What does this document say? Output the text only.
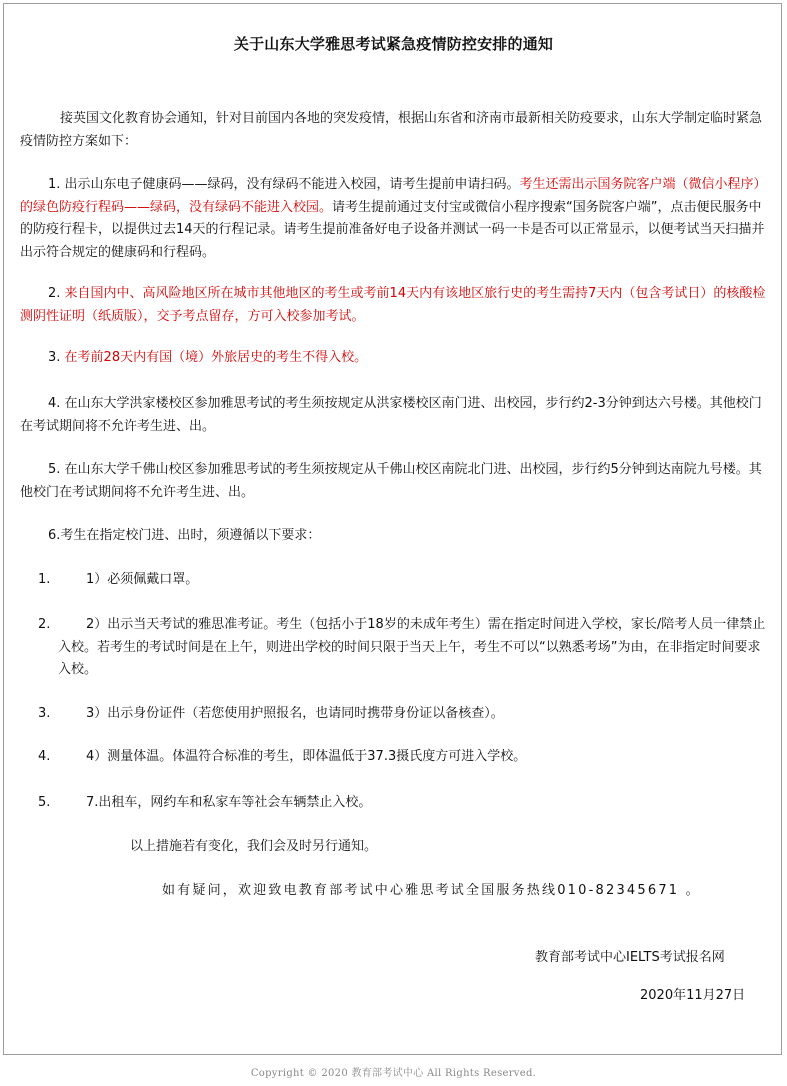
关于山东大学雅思考试紧急疫情防控安排的通知

接英国文化教育协会通知，针对目前国内各地的突发疫情，根据山东省和济南市最新相关防疫要求，山东大学制定临时紧急疫情防控方案如下：

1. 出示山东电子健康码——绿码，没有绿码不能进入校园，请考生提前申请扫码。考生还需出示国务院客户端（微信小程序）的绿色防疫行程码——绿码，没有绿码不能进入校园。请考生提前通过支付宝或微信小程序搜索“国务院客户端”，点击便民服务中的防疫行程卡，以提供过去14天的行程记录。请考生提前准备好电子设备并测试一码一卡是否可以正常显示，以便考试当天扫描并出示符合规定的健康码和行程码。

2. 来自国内中、高风险地区所在城市其他地区的考生或考前14天内有该地区旅行史的考生需持7天内（包含考试日）的核酸检测阴性证明（纸质版），交予考点留存，方可入校参加考试。

3. 在考前28天内有国（境）外旅居史的考生不得入校。

4. 在山东大学洪家楼校区参加雅思考试的考生须按规定从洪家楼校区南门进、出校园，步行约2-3分钟到达六号楼。其他校门在考试期间将不允许考生进、出。

5. 在山东大学千佛山校区参加雅思考试的考生须按规定从千佛山校区南院北门进、出校园，步行约5分钟到达南院九号楼。其他校门在考试期间将不允许考生进、出。

6.考生在指定校门进、出时，须遵循以下要求：

1.	1）必须佩戴口罩。

2.	2）出示当天考试的雅思准考证。考生（包括小于18岁的未成年考生）需在指定时间进入学校，家长/陪考人员一律禁止入校。若考生的考试时间是在上午，则进出学校的时间只限于当天上午，考生不可以“以熟悉考场”为由，在非指定时间要求入校。

3.	3）出示身份证件（若您使用护照报名，也请同时携带身份证以备核查）。

4.	4）测量体温。体温符合标准的考生，即体温低于37.3摄氏度方可进入学校。

5.	7.出租车，网约车和私家车等社会车辆禁止入校。

以上措施若有变化，我们会及时另行通知。
如有疑问，欢迎致电教育部考试中心雅思考试全国服务热线010-82345671 。
教育部考试中心IELTS考试报名网
2020年11月27日
Copyright © 2020 教育部考试中心 All Rights Reserved.
